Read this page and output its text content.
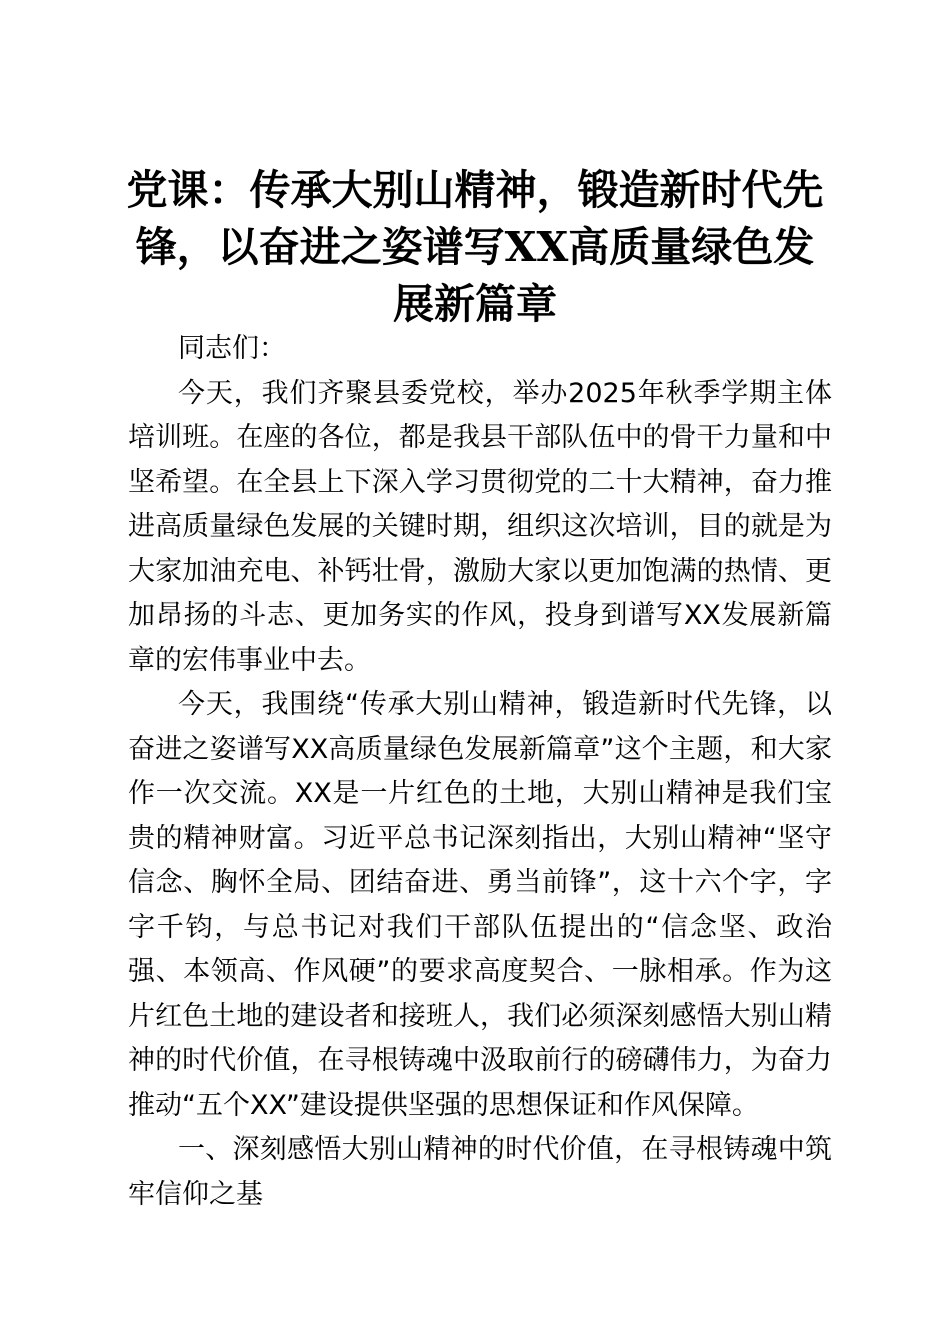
党课：传承大别山精神，锻造新时代先锋，以奋进之姿谱写XX高质量绿色发展新篇章

同志们：

今天，我们齐聚县委党校，举办2025年秋季学期主体培训班。在座的各位，都是我县干部队伍中的骨干力量和中坚希望。在全县上下深入学习贯彻党的二十大精神，奋力推进高质量绿色发展的关键时期，组织这次培训，目的就是为大家加油充电、补钙壮骨，激励大家以更加饱满的热情、更加昂扬的斗志、更加务实的作风，投身到谱写XX发展新篇章的宏伟事业中去。

今天，我围绕“传承大别山精神，锻造新时代先锋，以奋进之姿谱写XX高质量绿色发展新篇章”这个主题，和大家作一次交流。XX是一片红色的土地，大别山精神是我们宝贵的精神财富。习近平总书记深刻指出，大别山精神“坚守信念、胸怀全局、团结奋进、勇当前锋”，这十六个字，字字千钧，与总书记对我们干部队伍提出的“信念坚、政治强、本领高、作风硬”的要求高度契合、一脉相承。作为这片红色土地的建设者和接班人，我们必须深刻感悟大别山精神的时代价值，在寻根铸魂中汲取前行的磅礴伟力，为奋力推动“五个XX”建设提供坚强的思想保证和作风保障。

一、深刻感悟大别山精神的时代价值，在寻根铸魂中筑牢信仰之基
